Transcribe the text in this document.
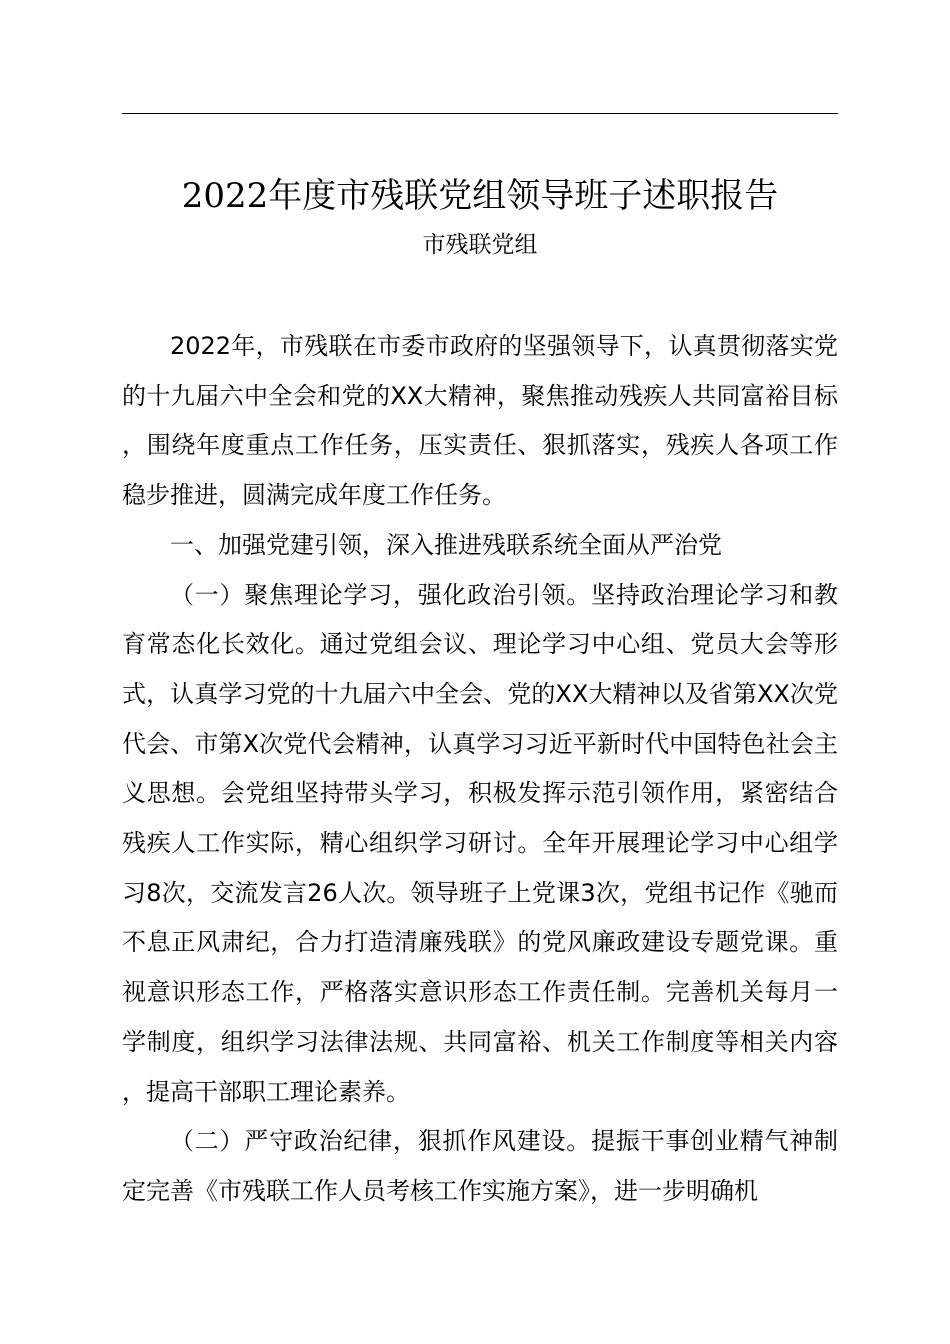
2022年度市残联党组领导班子述职报告
市残联党组

2022年，市残联在市委市政府的坚强领导下，认真贯彻落实党的十九届六中全会和党的XX大精神，聚焦推动残疾人共同富裕目标，围绕年度重点工作任务，压实责任、狠抓落实，残疾人各项工作稳步推进，圆满完成年度工作任务。

一、加强党建引领，深入推进残联系统全面从严治党

（一）聚焦理论学习，强化政治引领。坚持政治理论学习和教育常态化长效化。通过党组会议、理论学习中心组、党员大会等形式，认真学习党的十九届六中全会、党的XX大精神以及省第XX次党代会、市第X次党代会精神，认真学习习近平新时代中国特色社会主义思想。会党组坚持带头学习，积极发挥示范引领作用，紧密结合残疾人工作实际，精心组织学习研讨。全年开展理论学习中心组学习8次，交流发言26人次。领导班子上党课3次，党组书记作《驰而不息正风肃纪，合力打造清廉残联》的党风廉政建设专题党课。重视意识形态工作，严格落实意识形态工作责任制。完善机关每月一学制度，组织学习法律法规、共同富裕、机关工作制度等相关内容，提高干部职工理论素养。

（二）严守政治纪律，狠抓作风建设。提振干事创业精气神制定完善《市残联工作人员考核工作实施方案》，进一步明确机
